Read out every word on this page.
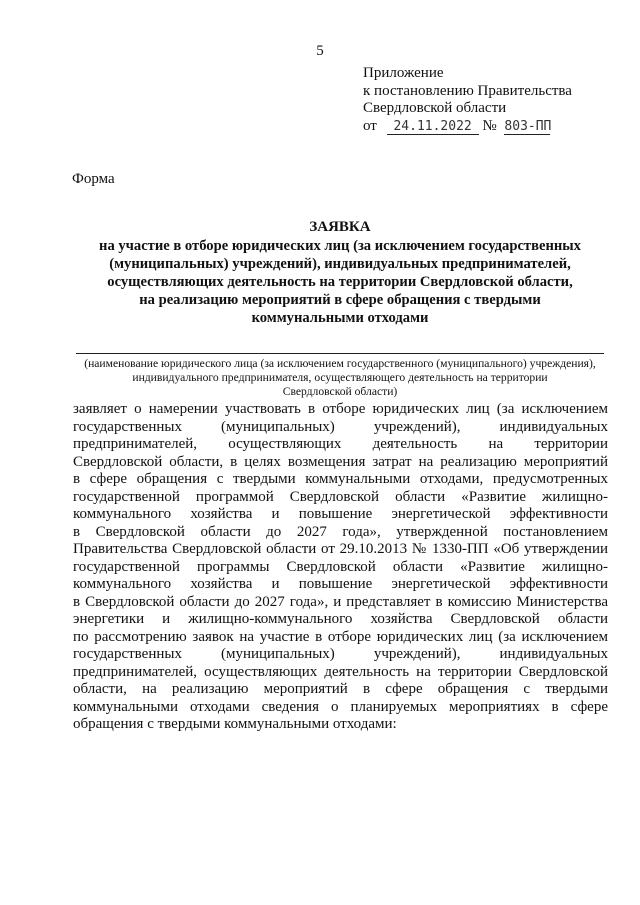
5
Приложение
к постановлению Правительства
Свердловской области
от 24.11.2022 № 803-ПП
Форма
ЗАЯВКА
на участие в отборе юридических лиц (за исключением государственных
(муниципальных) учреждений), индивидуальных предпринимателей,
осуществляющих деятельность на территории Свердловской области,
на реализацию мероприятий в сфере обращения с твердыми
коммунальными отходами
(наименование юридического лица (за исключением государственного (муниципального) учреждения),
индивидуального предпринимателя, осуществляющего деятельность на территории
Свердловской области)
заявляет о намерении участвовать в отборе юридических лиц (за исключением
государственных (муниципальных) учреждений), индивидуальных
предпринимателей, осуществляющих деятельность на территории
Свердловской области, в целях возмещения затрат на реализацию мероприятий
в сфере обращения с твердыми коммунальными отходами, предусмотренных
государственной программой Свердловской области «Развитие жилищно-
коммунального хозяйства и повышение энергетической эффективности
в Свердловской области до 2027 года», утвержденной постановлением
Правительства Свердловской области от 29.10.2013 № 1330-ПП «Об утверждении
государственной программы Свердловской области «Развитие жилищно-
коммунального хозяйства и повышение энергетической эффективности
в Свердловской области до 2027 года», и представляет в комиссию Министерства
энергетики и жилищно-коммунального хозяйства Свердловской области
по рассмотрению заявок на участие в отборе юридических лиц (за исключением
государственных (муниципальных) учреждений), индивидуальных
предпринимателей, осуществляющих деятельность на территории Свердловской
области, на реализацию мероприятий в сфере обращения с твердыми
коммунальными отходами сведения о планируемых мероприятиях в сфере
обращения с твердыми коммунальными отходами:
